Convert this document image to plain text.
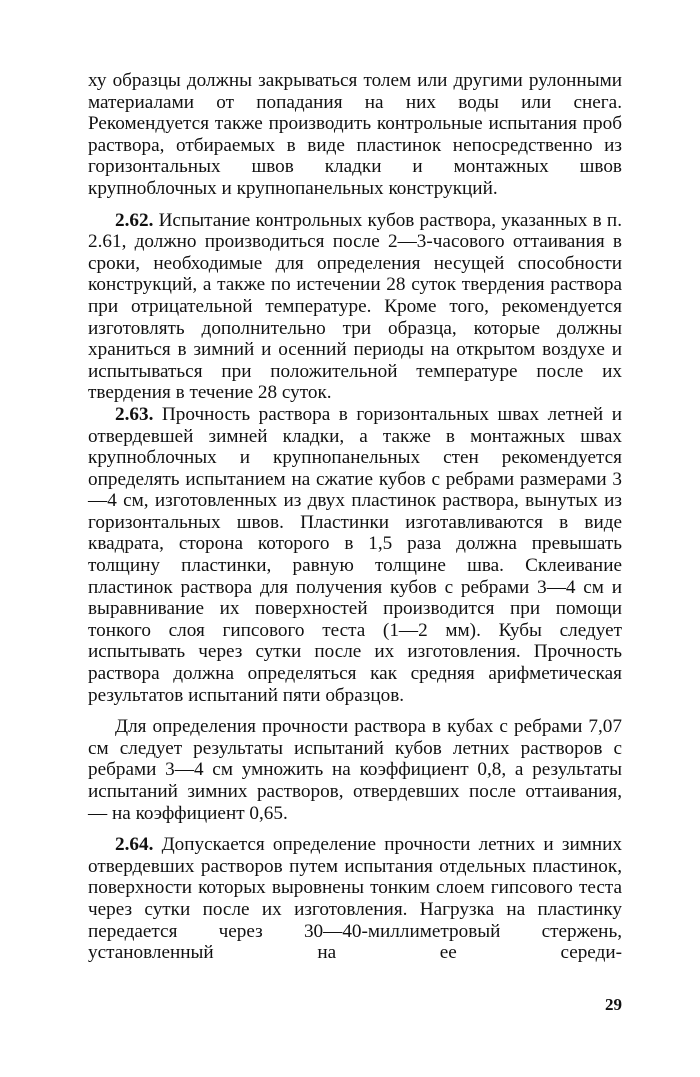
ху образцы должны закрываться толем или другими рулонными материалами от попадания на них воды или снега. Рекомендуется также производить контрольные испытания проб раствора, отбираемых в виде пластинок непосредственно из горизонтальных швов кладки и монтажных швов крупноблочных и крупнопанельных конструкций.

2.62. Испытание контрольных кубов раствора, указанных в п. 2.61, должно производиться после 2—3-часового оттаивания в сроки, необходимые для определения несущей способности конструкций, а также по истечении 28 суток твердения раствора при отрицательной температуре. Кроме того, рекомендуется изготовлять дополнительно три образца, которые должны храниться в зимний и осенний периоды на открытом воздухе и испытываться при положительной температуре после их твердения в течение 28 суток.

2.63. Прочность раствора в горизонтальных швах летней и отвердевшей зимней кладки, а также в монтажных швах крупноблочных и крупнопанельных стен рекомендуется определять испытанием на сжатие кубов с ребрами размерами 3—4 см, изготовленных из двух пластинок раствора, вынутых из горизонтальных швов. Пластинки изготавливаются в виде квадрата, сторона которого в 1,5 раза должна превышать толщину пластинки, равную толщине шва. Склеивание пластинок раствора для получения кубов с ребрами 3—4 см и выравнивание их поверхностей производится при помощи тонкого слоя гипсового теста (1—2 мм). Кубы следует испытывать через сутки после их изготовления. Прочность раствора должна определяться как средняя арифметическая результатов испытаний пяти образцов.

Для определения прочности раствора в кубах с ребрами 7,07 см следует результаты испытаний кубов летних растворов с ребрами 3—4 см умножить на коэффициент 0,8, а результаты испытаний зимних растворов, отвердевших после оттаивания, — на коэффициент 0,65.

2.64. Допускается определение прочности летних и зимних отвердевших растворов путем испытания отдельных пластинок, поверхности которых выровнены тонким слоем гипсового теста через сутки после их изготовления. Нагрузка на пластинку передается через 30—40-миллиметровый стержень, установленный на ее середи-

29
